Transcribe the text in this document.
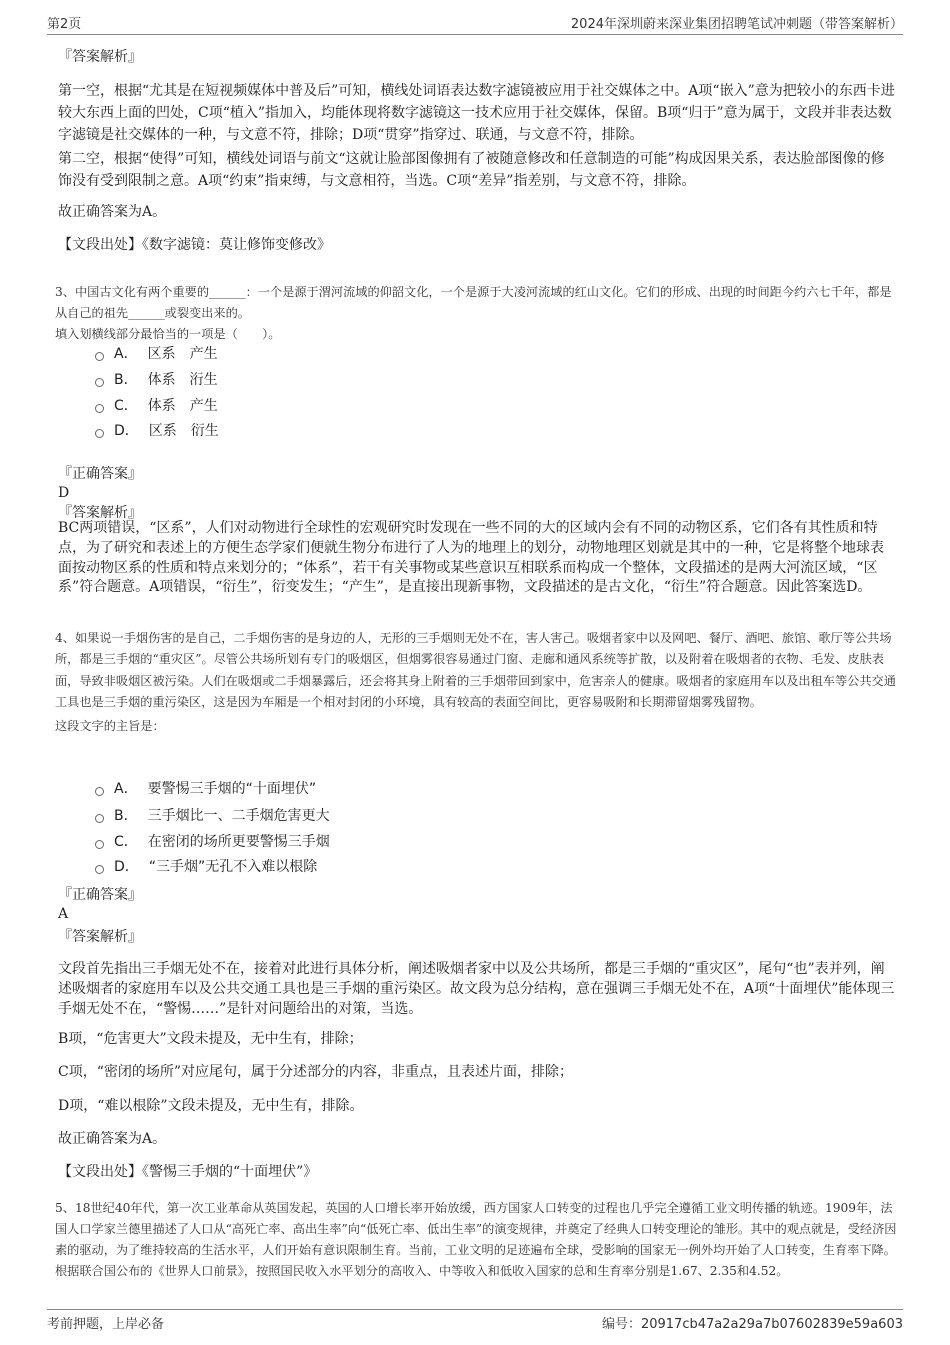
第2页	2024年深圳蔚来深业集团招聘笔试冲刺题（带答案解析）

『答案解析』

第一空，根据“尤其是在短视频媒体中普及后”可知，横线处词语表达数字滤镜被应用于社交媒体之中。A项“嵌入”意为把较小的东西卡进较大东西上面的凹处，C项“植入”指加入，均能体现将数字滤镜这一技术应用于社交媒体，保留。B项“归于”意为属于，文段并非表达数字滤镜是社交媒体的一种，与文意不符，排除；D项“贯穿”指穿过、联通，与文意不符，排除。

第二空，根据“使得”可知，横线处词语与前文“这就让脸部图像拥有了被随意修改和任意制造的可能”构成因果关系，表达脸部图像的修饰没有受到限制之意。A项“约束”指束缚，与文意相符，当选。C项“差异”指差别，与文意不符，排除。

故正确答案为A。

【文段出处】《数字滤镜：莫让修饰变修改》

3、中国古文化有两个重要的______：一个是源于渭河流域的仰韶文化，一个是源于大凌河流域的红山文化。它们的形成、出现的时间距今约六七千年，都是从自己的祖先______或裂变出来的。

填入划横线部分最恰当的一项是（　　）。

A． 区系　产生
B． 体系　洐生
C． 体系　产生
D． 区系　衍生

『正确答案』

D

『答案解析』

BC两项错误，“区系”，人们对动物进行全球性的宏观研究时发现在一些不同的大的区域内会有不同的动物区系，它们各有其性质和特点，为了研究和表述上的方便生态学家们便就生物分布进行了人为的地理上的划分，动物地理区划就是其中的一种，它是将整个地球表面按动物区系的性质和特点来划分的；“体系”，若干有关事物或某些意识互相联系而构成一个整体，文段描述的是两大河流区域，“区系”符合题意。A项错误，“衍生”，衍变发生；“产生”，是直接出现新事物，文段描述的是古文化，“衍生”符合题意。因此答案选D。

4、如果说一手烟伤害的是自己，二手烟伤害的是身边的人，无形的三手烟则无处不在，害人害己。吸烟者家中以及网吧、餐厅、酒吧、旅馆、歌厅等公共场所，都是三手烟的“重灾区”。尽管公共场所划有专门的吸烟区，但烟雾很容易通过门窗、走廊和通风系统等扩散，以及附着在吸烟者的衣物、毛发、皮肤表面，导致非吸烟区被污染。人们在吸烟或二手烟暴露后，还会将其身上附着的三手烟带回到家中，危害亲人的健康。吸烟者的家庭用车以及出租车等公共交通工具也是三手烟的重污染区，这是因为车厢是一个相对封闭的小环境，具有较高的表面空间比，更容易吸附和长期滞留烟雾残留物。

这段文字的主旨是：

A． 要警惕三手烟的“十面埋伏”
B． 三手烟比一、二手烟危害更大
C． 在密闭的场所更要警惕三手烟
D． “三手烟”无孔不入难以根除

『正确答案』

A

『答案解析』

文段首先指出三手烟无处不在，接着对此进行具体分析，阐述吸烟者家中以及公共场所，都是三手烟的“重灾区”，尾句“也”表并列，阐述吸烟者的家庭用车以及公共交通工具也是三手烟的重污染区。故文段为总分结构，意在强调三手烟无处不在，A项“十面埋伏”能体现三手烟无处不在，“警惕……”是针对问题给出的对策，当选。

B项，“危害更大”文段未提及，无中生有，排除；

C项，“密闭的场所”对应尾句，属于分述部分的内容，非重点，且表述片面，排除；

D项，“难以根除”文段未提及，无中生有，排除。

故正确答案为A。

【文段出处】《警惕三手烟的“十面埋伏”》

5、18世纪40年代，第一次工业革命从英国发起，英国的人口增长率开始放缓，西方国家人口转变的过程也几乎完全遵循工业文明传播的轨迹。1909年，法国人口学家兰德里描述了人口从“高死亡率、高出生率”向“低死亡率、低出生率”的演变规律，并奠定了经典人口转变理论的雏形。其中的观点就是，受经济因素的驱动，为了维持较高的生活水平，人们开始有意识限制生育。当前，工业文明的足迹遍布全球，受影响的国家无一例外均开始了人口转变，生育率下降。根据联合国公布的《世界人口前景》，按照国民收入水平划分的高收入、中等收入和低收入国家的总和生育率分别是1.67、2.35和4.52。

考前押题，上岸必备	编号：20917cb47a2a29a7b07602839e59a603
